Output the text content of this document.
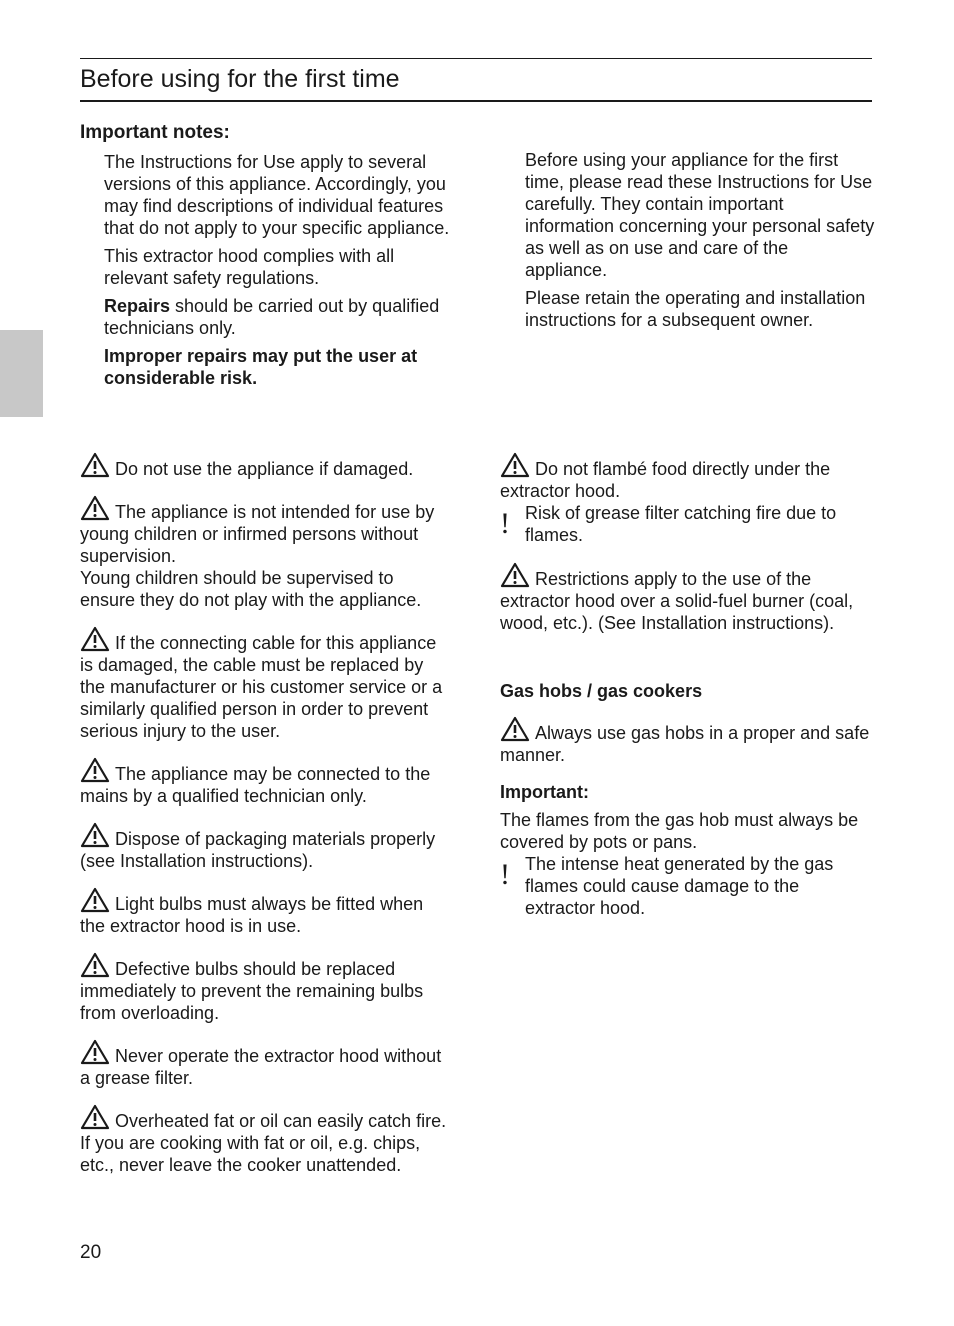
Before using for the first time
Important notes:

The Instructions for Use apply to several versions of this appliance. Accordingly, you may find descriptions of individual features that do not apply to your specific appliance.

This extractor hood complies with all relevant safety regulations.

Repairs should be carried out by qualified technicians only.

Improper repairs may put the user at considerable risk.

Before using your appliance for the first time, please read these Instructions for Use carefully. They contain important information concerning your personal safety as well as on use and care of the appliance.

Please retain the operating and installation instructions for a subsequent owner.

Do not use the appliance if damaged.
The appliance is not intended for use by young children or infirmed persons without supervision.
Young children should be supervised to ensure they do not play with the appliance.
If the connecting cable for this appliance is damaged, the cable must be replaced by the manufacturer or his customer service or a similarly qualified person in order to prevent serious injury to the user.
The appliance may be connected to the mains by a qualified technician only.
Dispose of packaging materials properly (see Installation instructions).
Light bulbs must always be fitted when the extractor hood is in use.
Defective bulbs should be replaced immediately to prevent the remaining bulbs from overloading.
Never operate the extractor hood without a grease filter.
Overheated fat or oil can easily catch fire.
If you are cooking with fat or oil, e.g. chips, etc., never leave the cooker unattended.
Do not flambé food directly under the extractor hood.
! Risk of grease filter catching fire due to flames.
Restrictions apply to the use of the extractor hood over a solid-fuel burner (coal, wood, etc.). (See Installation instructions).
Gas hobs / gas cookers
Always use gas hobs in a proper and safe manner.
Important:

The flames from the gas hob must always be covered by pots or pans.

! The intense heat generated by the gas flames could cause damage to the extractor hood.
20
